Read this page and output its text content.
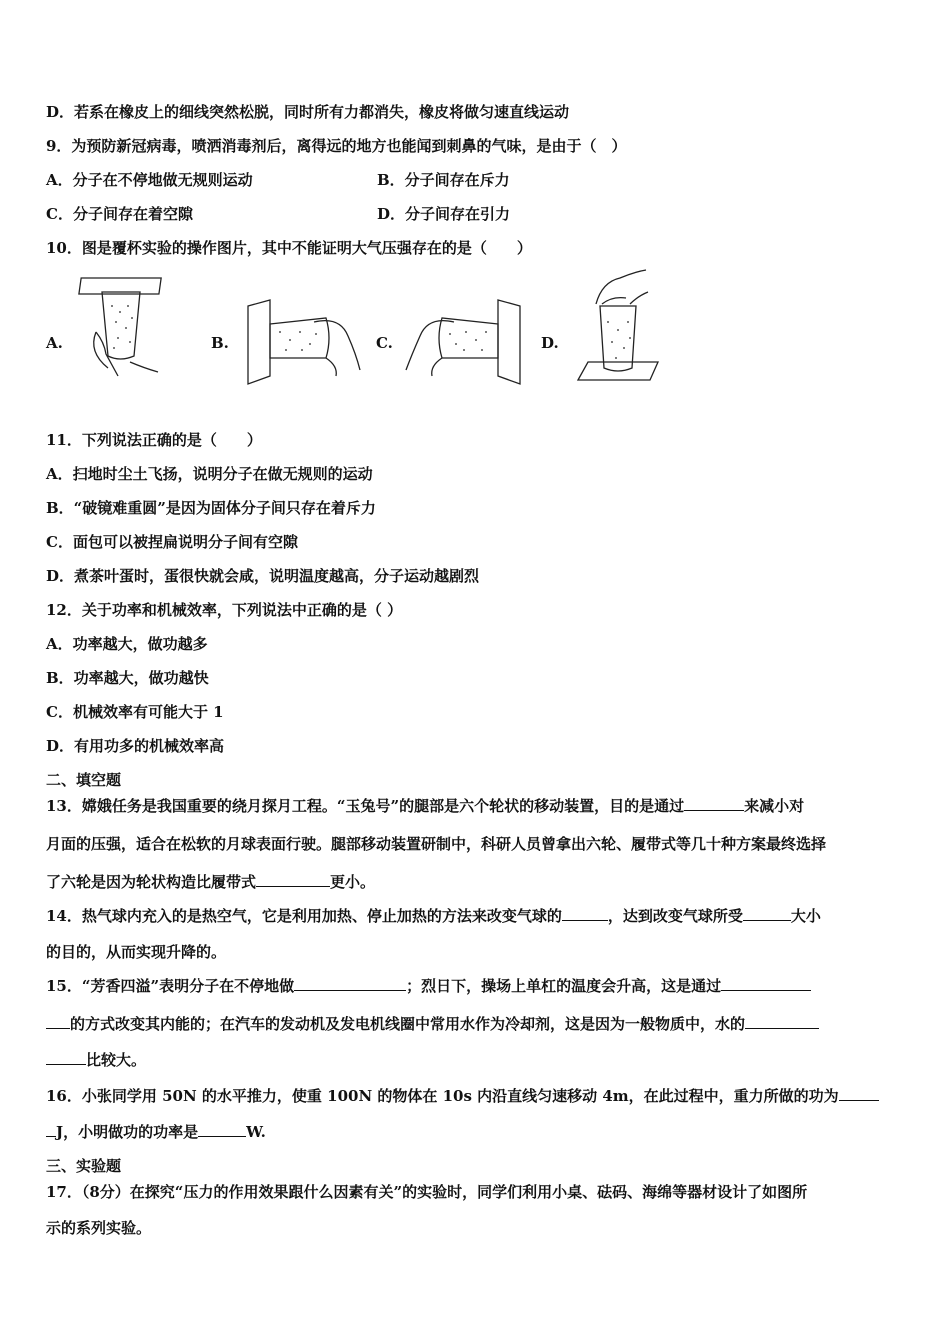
D．若系在橡皮上的细线突然松脱，同时所有力都消失，橡皮将做匀速直线运动
9．为预防新冠病毒，喷洒消毒剂后，离得远的地方也能闻到刺鼻的气味，是由于（　）
A．分子在不停地做无规则运动	B．分子间存在斥力
C．分子间存在着空隙	D．分子间存在引力
10．图是覆杯实验的操作图片，其中不能证明大气压强存在的是（　　）
A.	B.	C.	D.
11．下列说法正确的是（　　）
A．扫地时尘土飞扬，说明分子在做无规则的运动
B．“破镜难重圆”是因为固体分子间只存在着斥力
C．面包可以被捏扁说明分子间有空隙
D．煮茶叶蛋时，蛋很快就会咸，说明温度越高，分子运动越剧烈
12．关于功率和机械效率，下列说法中正确的是（ ）
A．功率越大，做功越多
B．功率越大，做功越快
C．机械效率有可能大于 1
D．有用功多的机械效率高
二、填空题
13．嫦娥任务是我国重要的绕月探月工程。“玉兔号”的腿部是六个轮状的移动装置，目的是通过	来减小对
月面的压强，适合在松软的月球表面行驶。腿部移动装置研制中，科研人员曾拿出六轮、履带式等几十种方案最终选择
了六轮是因为轮状构造比履带式	更小。
14．热气球内充入的是热空气，它是利用加热、停止加热的方法来改变气球的	，达到改变气球所受	大小
的目的，从而实现升降的。
15．“芳香四溢”表明分子在不停地做	；烈日下，操场上单杠的温度会升高，这是通过
的方式改变其内能的；在汽车的发动机及发电机线圈中常用水作为冷却剂，这是因为一般物质中，水的
比较大。
16．小张同学用 50N 的水平推力，使重 100N 的物体在 10s 内沿直线匀速移动 4m，在此过程中，重力所做的功为
J，小明做功的功率是	W.
三、实验题
17．（8分）在探究“压力的作用效果跟什么因素有关”的实验时，同学们利用小桌、砝码、海绵等器材设计了如图所
示的系列实验。
